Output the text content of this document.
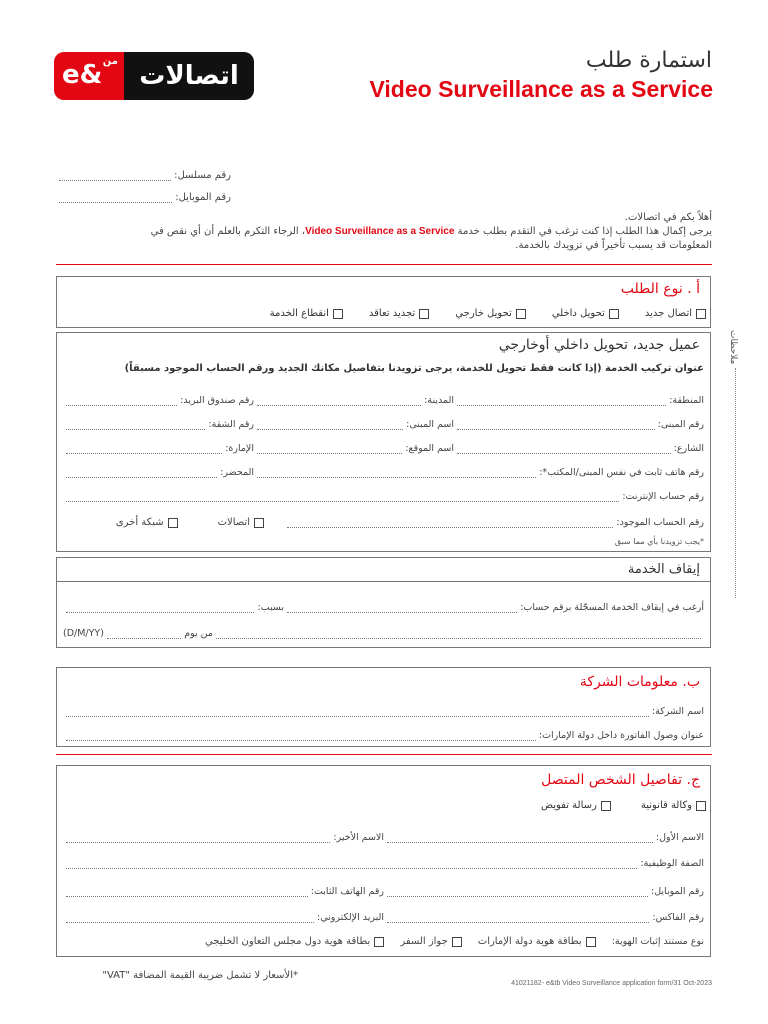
e& من اتصالات
استمارة طلب
Video Surveillance as a Service
رقم مسلسل:
رقم الموبايل:
أهلاً بكم في اتصالات.
يرجى إكمال هذا الطلب إذا كنت ترغب في التقدم بطلب خدمة Video Surveillance as a Service، الرجاء التكرم بالعلم أن أي نقص في
المعلومات قد يسبب تأخيراً في تزويدك بالخدمة.
أ . نوع الطلب
اتصال جديد
تحويل داخلي
تحويل خارجي
تجديد تعاقد
انقطاع الخدمة
عميل جديد، تحويل داخلي أوخارجي
عنوان تركيب الخدمة (إذا كانت فقط تحويل للخدمة، يرجى تزويدنا بتفاصيل مكانك الجديد ورقم الحساب الموجود مسبقاً)
المنطقة:
المدينة:
رقم صندوق البريد:
رقم المبنى:
اسم المبنى:
رقم الشقة:
الشارع:
اسم الموقع:
الإمارة:
رقم هاتف ثابت في نفس المبنى/المكتب*:
المحضر:
رقم حساب الإنترنت:
رقم الحساب الموجود:
اتصالات
شبكة أخرى
*يجب تزويدنا بأي مما سبق
إيقاف الخدمة
أرغب في إيقاف الخدمة المسجّلة برقم حساب:
بسبب:
من يوم
(D/M/YY)
ب. معلومات الشركة
اسم الشركة:
عنوان وصول الفاتورة داخل دولة الإمارات:
ج. تفاصيل الشخص المتصل
وكالة قانونية
رسالة تفويض
الاسم الأول:
الاسم الأخير:
الصفة الوظيفية:
رقم الموبايل:
رقم الهاتف الثابت:
رقم الفاكس:
البريد الإلكتروني:
نوع مستند إثبات الهوية:
بطاقة هوية دولة الإمارات
جواز السفر
بطاقة هوية دول مجلس التعاون الخليجي
ملاحظات
*الأسعار لا تشمل ضريبة القيمة المضافة "VAT"
41021182- e&tb Video Surveillance application form/31 Oct-2023
